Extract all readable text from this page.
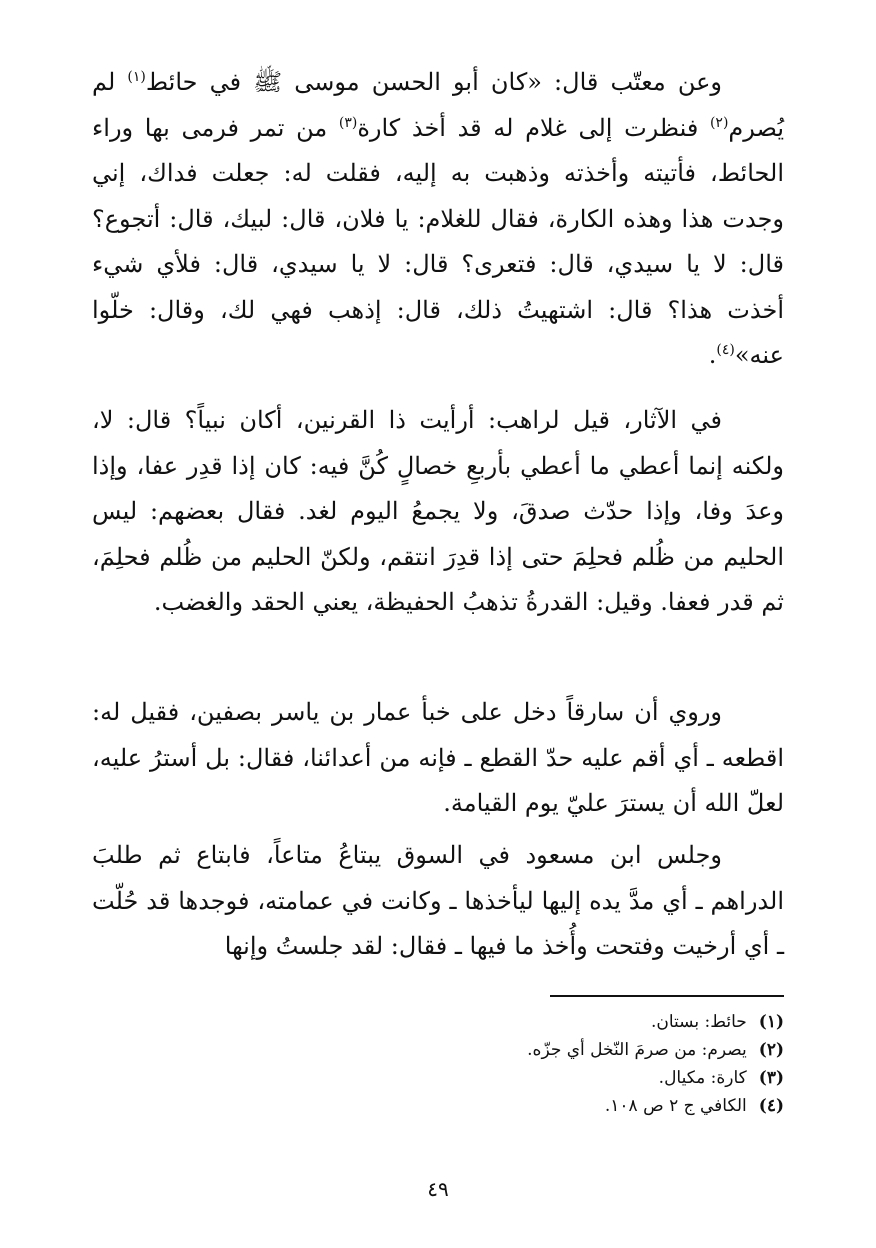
وعن معتّب قال: «كان أبو الحسن موسى ﷺ في حائط$^{(١)}$ لم يُصرم$^{(٢)}$ فنظرت إلى غلام له قد أخذ كارة$^{(٣)}$ من تمر فرمى بها وراء الحائط، فأتيته وأخذته وذهبت به إليه، فقلت له: جعلت فداك، إني وجدت هذا وهذه الكارة، فقال للغلام: يا فلان، قال: لبيك، قال: أتجوع؟ قال: لا يا سيدي، قال: فتعرى؟ قال: لا يا سيدي، قال: فلأي شيء أخذت هذا؟ قال: اشتهيتُ ذلك، قال: إذهب فهي لك، وقال: خلّوا عنه»$^{(٤)}$.

في الآثار، قيل لراهب: أرأيت ذا القرنين، أكان نبياً؟ قال: لا، ولكنه إنما أعطي ما أعطي بأربعِ خصالٍ كُنَّ فيه: كان إذا قدِر عفا، وإذا وعدَ وفا، وإذا حدّث صدقَ، ولا يجمعُ اليوم لغد. فقال بعضهم: ليس الحليم من ظُلم فحلِمَ حتى إذا قدِرَ انتقم، ولكنّ الحليم من ظُلم فحلِمَ، ثم قدر فعفا. وقيل: القدرةُ تذهبُ الحفيظة، يعني الحقد والغضب.

وروي أن سارقاً دخل على خبأ عمار بن ياسر بصفين، فقيل له: اقطعه ـ أي أقم عليه حدّ القطع ـ فإنه من أعدائنا، فقال: بل أسترُ عليه، لعلّ الله أن يسترَ عليّ يوم القيامة.

وجلس ابن مسعود في السوق يبتاعُ متاعاً، فابتاع ثم طلبَ الدراهم ـ أي مدَّ يده إليها ليأخذها ـ وكانت في عمامته، فوجدها قد حُلّت ـ أي أرخيت وفتحت وأُخذ ما فيها ـ فقال: لقد جلستُ وإنها

(١)حائط: بستان.
(٢)يصرم: من صرمَ النّخل أي جزّه.
(٣)كارة: مكيال.
(٤)الكافي ج ٢ ص ١٠٨.

٤٩
